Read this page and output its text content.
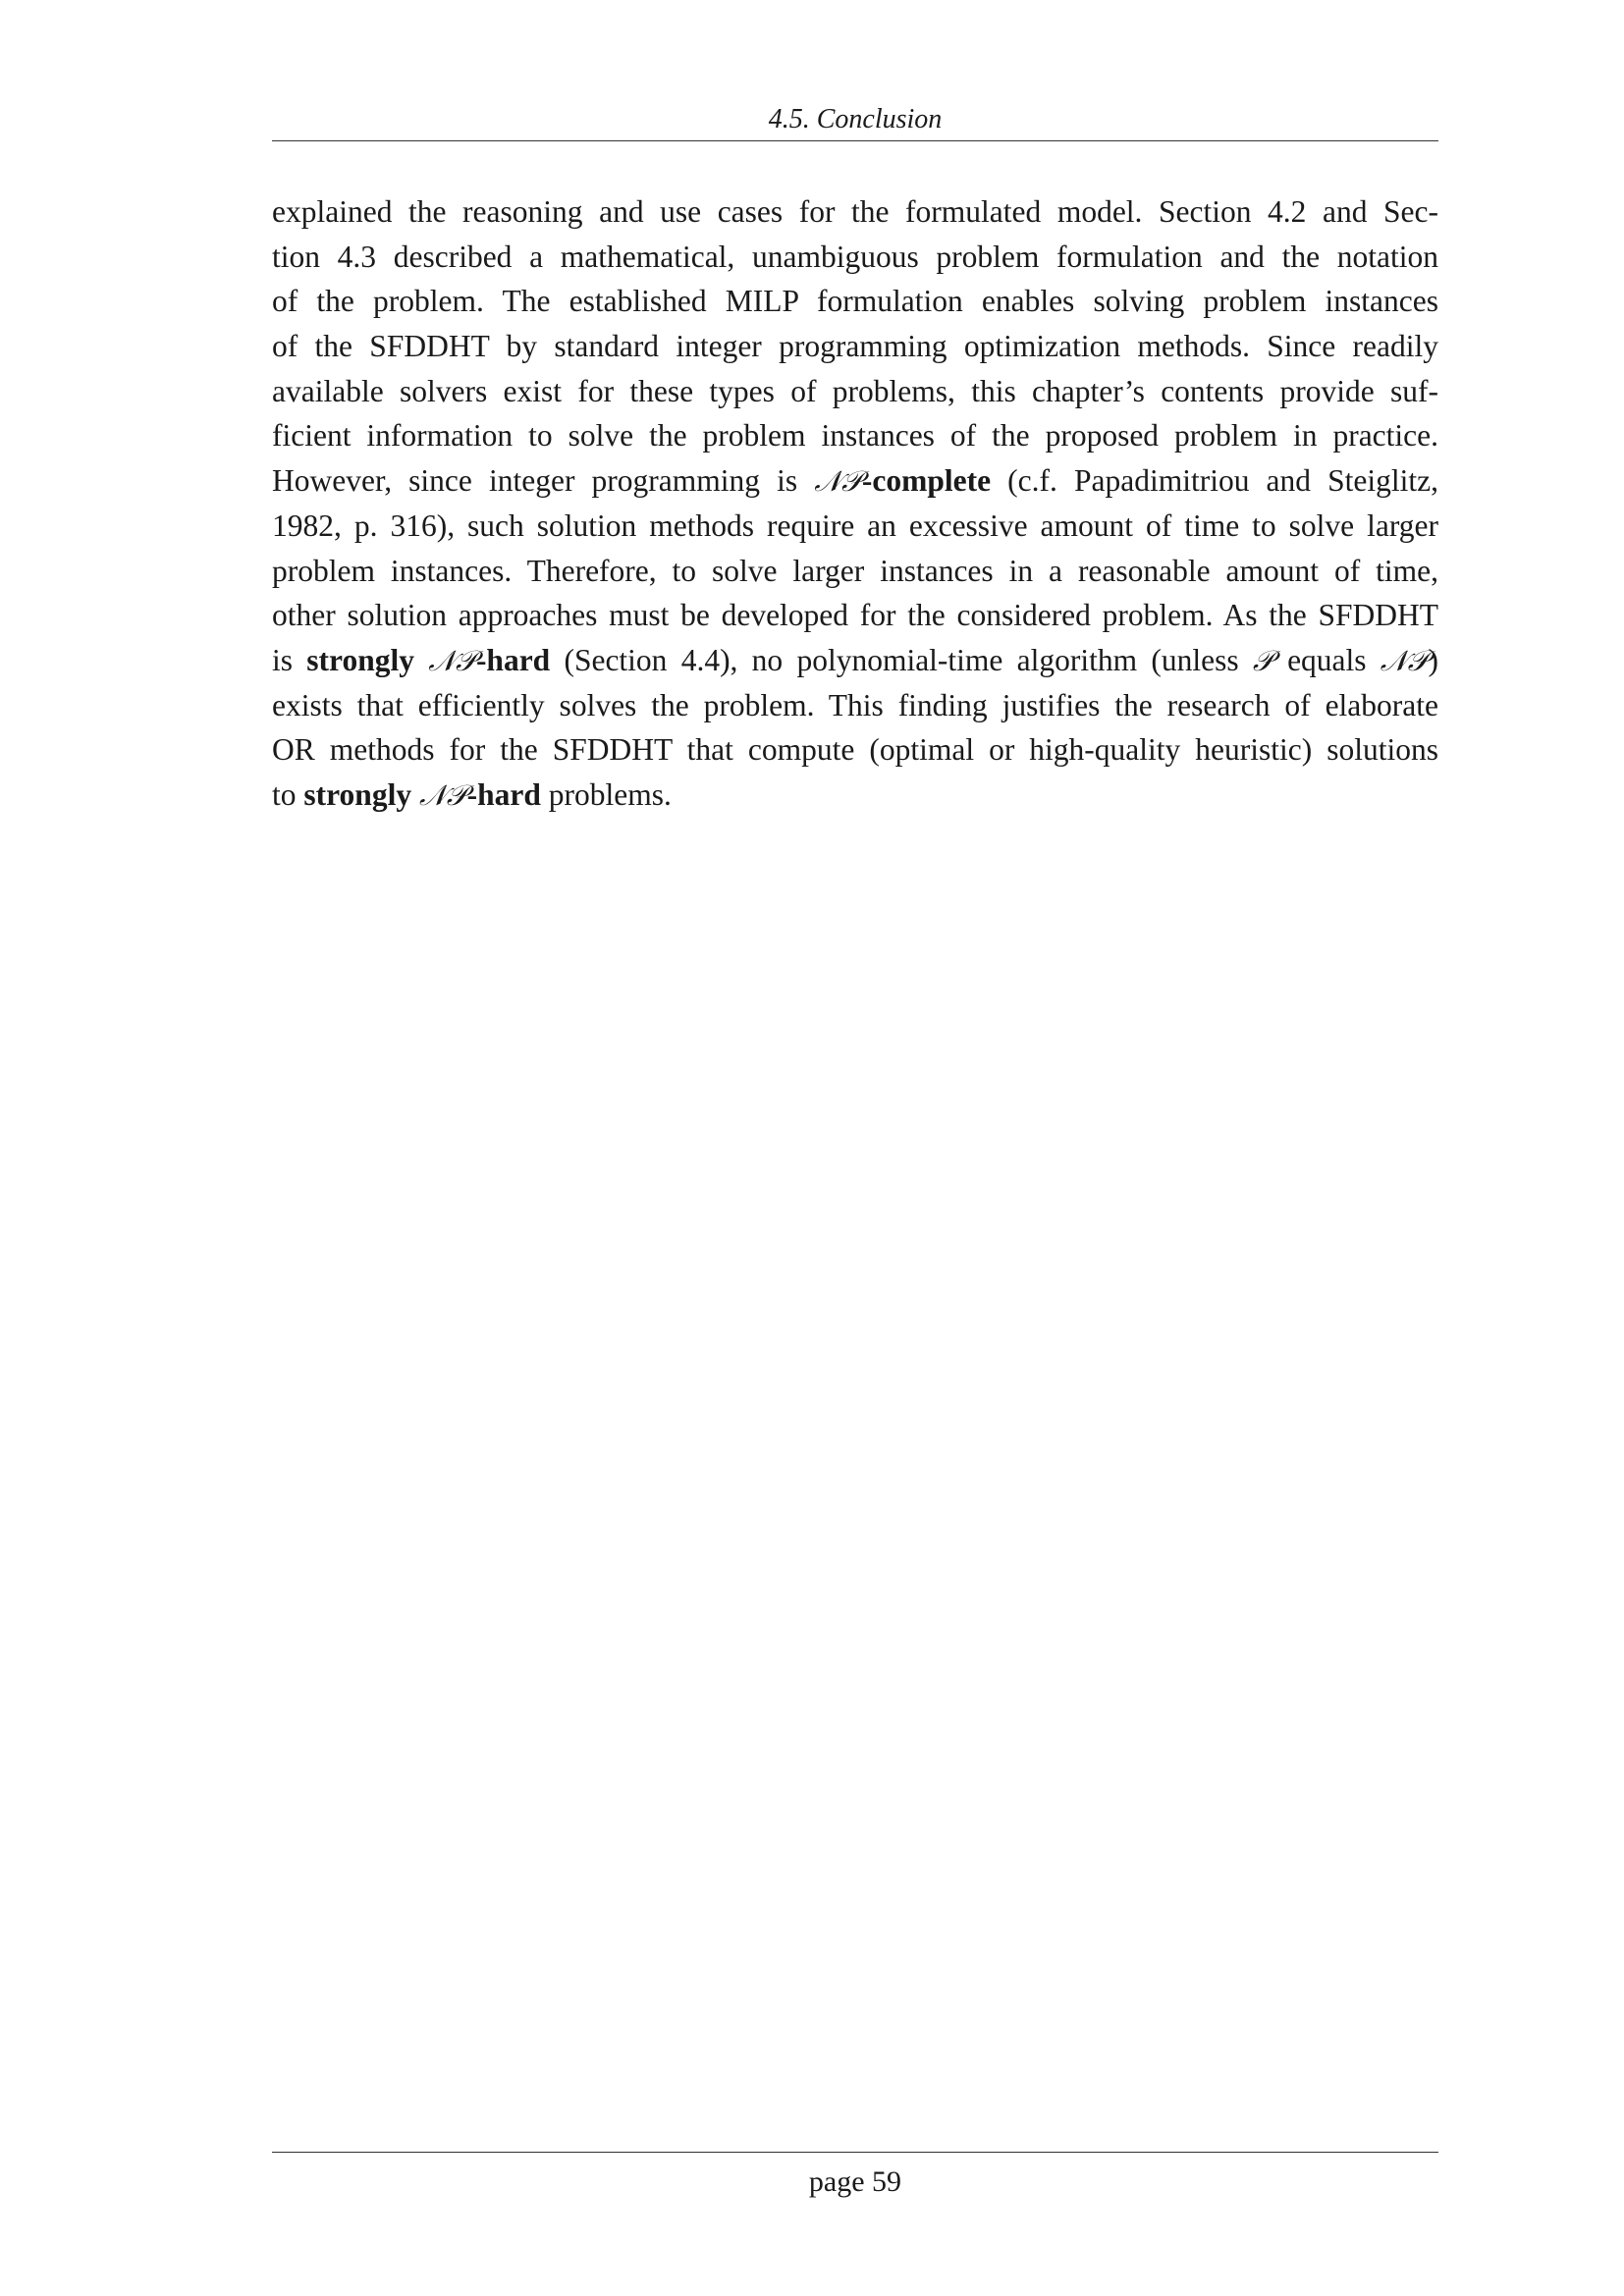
4.5. Conclusion
explained the reasoning and use cases for the formulated model. Section 4.2 and Sec-
tion 4.3 described a mathematical, unambiguous problem formulation and the notation
of the problem. The established MILP formulation enables solving problem instances
of the SFDDHT by standard integer programming optimization methods. Since readily
available solvers exist for these types of problems, this chapter’s contents provide suf-
ficient information to solve the problem instances of the proposed problem in practice.
However, since integer programming is 𝒩𝒫-complete (c.f. Papadimitriou and Steiglitz,
1982, p. 316), such solution methods require an excessive amount of time to solve larger
problem instances. Therefore, to solve larger instances in a reasonable amount of time,
other solution approaches must be developed for the considered problem. As the SFDDHT
is strongly 𝒩𝒫-hard (Section 4.4), no polynomial-time algorithm (unless 𝒫 equals 𝒩𝒫)
exists that efficiently solves the problem. This finding justifies the research of elaborate
OR methods for the SFDDHT that compute (optimal or high-quality heuristic) solutions
to strongly 𝒩𝒫-hard problems.
page 59
